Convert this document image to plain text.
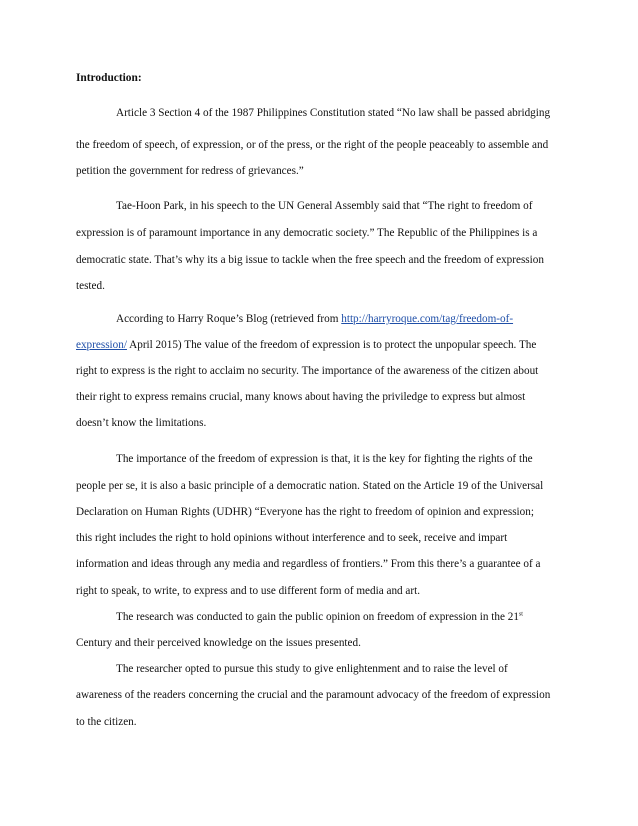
Introduction:
Article 3 Section 4 of the 1987 Philippines Constitution stated “No law shall be passed abridging
the freedom of speech, of expression, or of the press, or the right of the people peaceably to assemble and
petition the government for redress of grievances.”
Tae-Hoon Park, in his speech to the UN General Assembly said that “The right to freedom of
expression is of paramount importance in any democratic society.” The Republic of the Philippines is a
democratic state. That’s why its a big issue to tackle when the free speech and the freedom of expression
tested.
According to Harry Roque’s Blog (retrieved from http://harryroque.com/tag/freedom-of-
expression/ April 2015) The value of the freedom of expression is to protect the unpopular speech. The
right to express is the right to acclaim no security. The importance of the awareness of the citizen about
their right to express remains crucial, many knows about having the priviledge to express but almost
doesn’t know the limitations.
The importance of the freedom of expression is that, it is the key for fighting the rights of the
people per se, it is also a basic principle of a democratic nation. Stated on the Article 19 of the Universal
Declaration on Human Rights (UDHR) “Everyone has the right to freedom of opinion and expression;
this right includes the right to hold opinions without interference and to seek, receive and impart
information and ideas through any media and regardless of frontiers.” From this there’s a guarantee of a
right to speak, to write, to express and to use different form of media and art.
The research was conducted to gain the public opinion on freedom of expression in the 21st
Century and their perceived knowledge on the issues presented.
The researcher opted to pursue this study to give enlightenment and to raise the level of
awareness of the readers concerning the crucial and the paramount advocacy of the freedom of expression
to the citizen.
